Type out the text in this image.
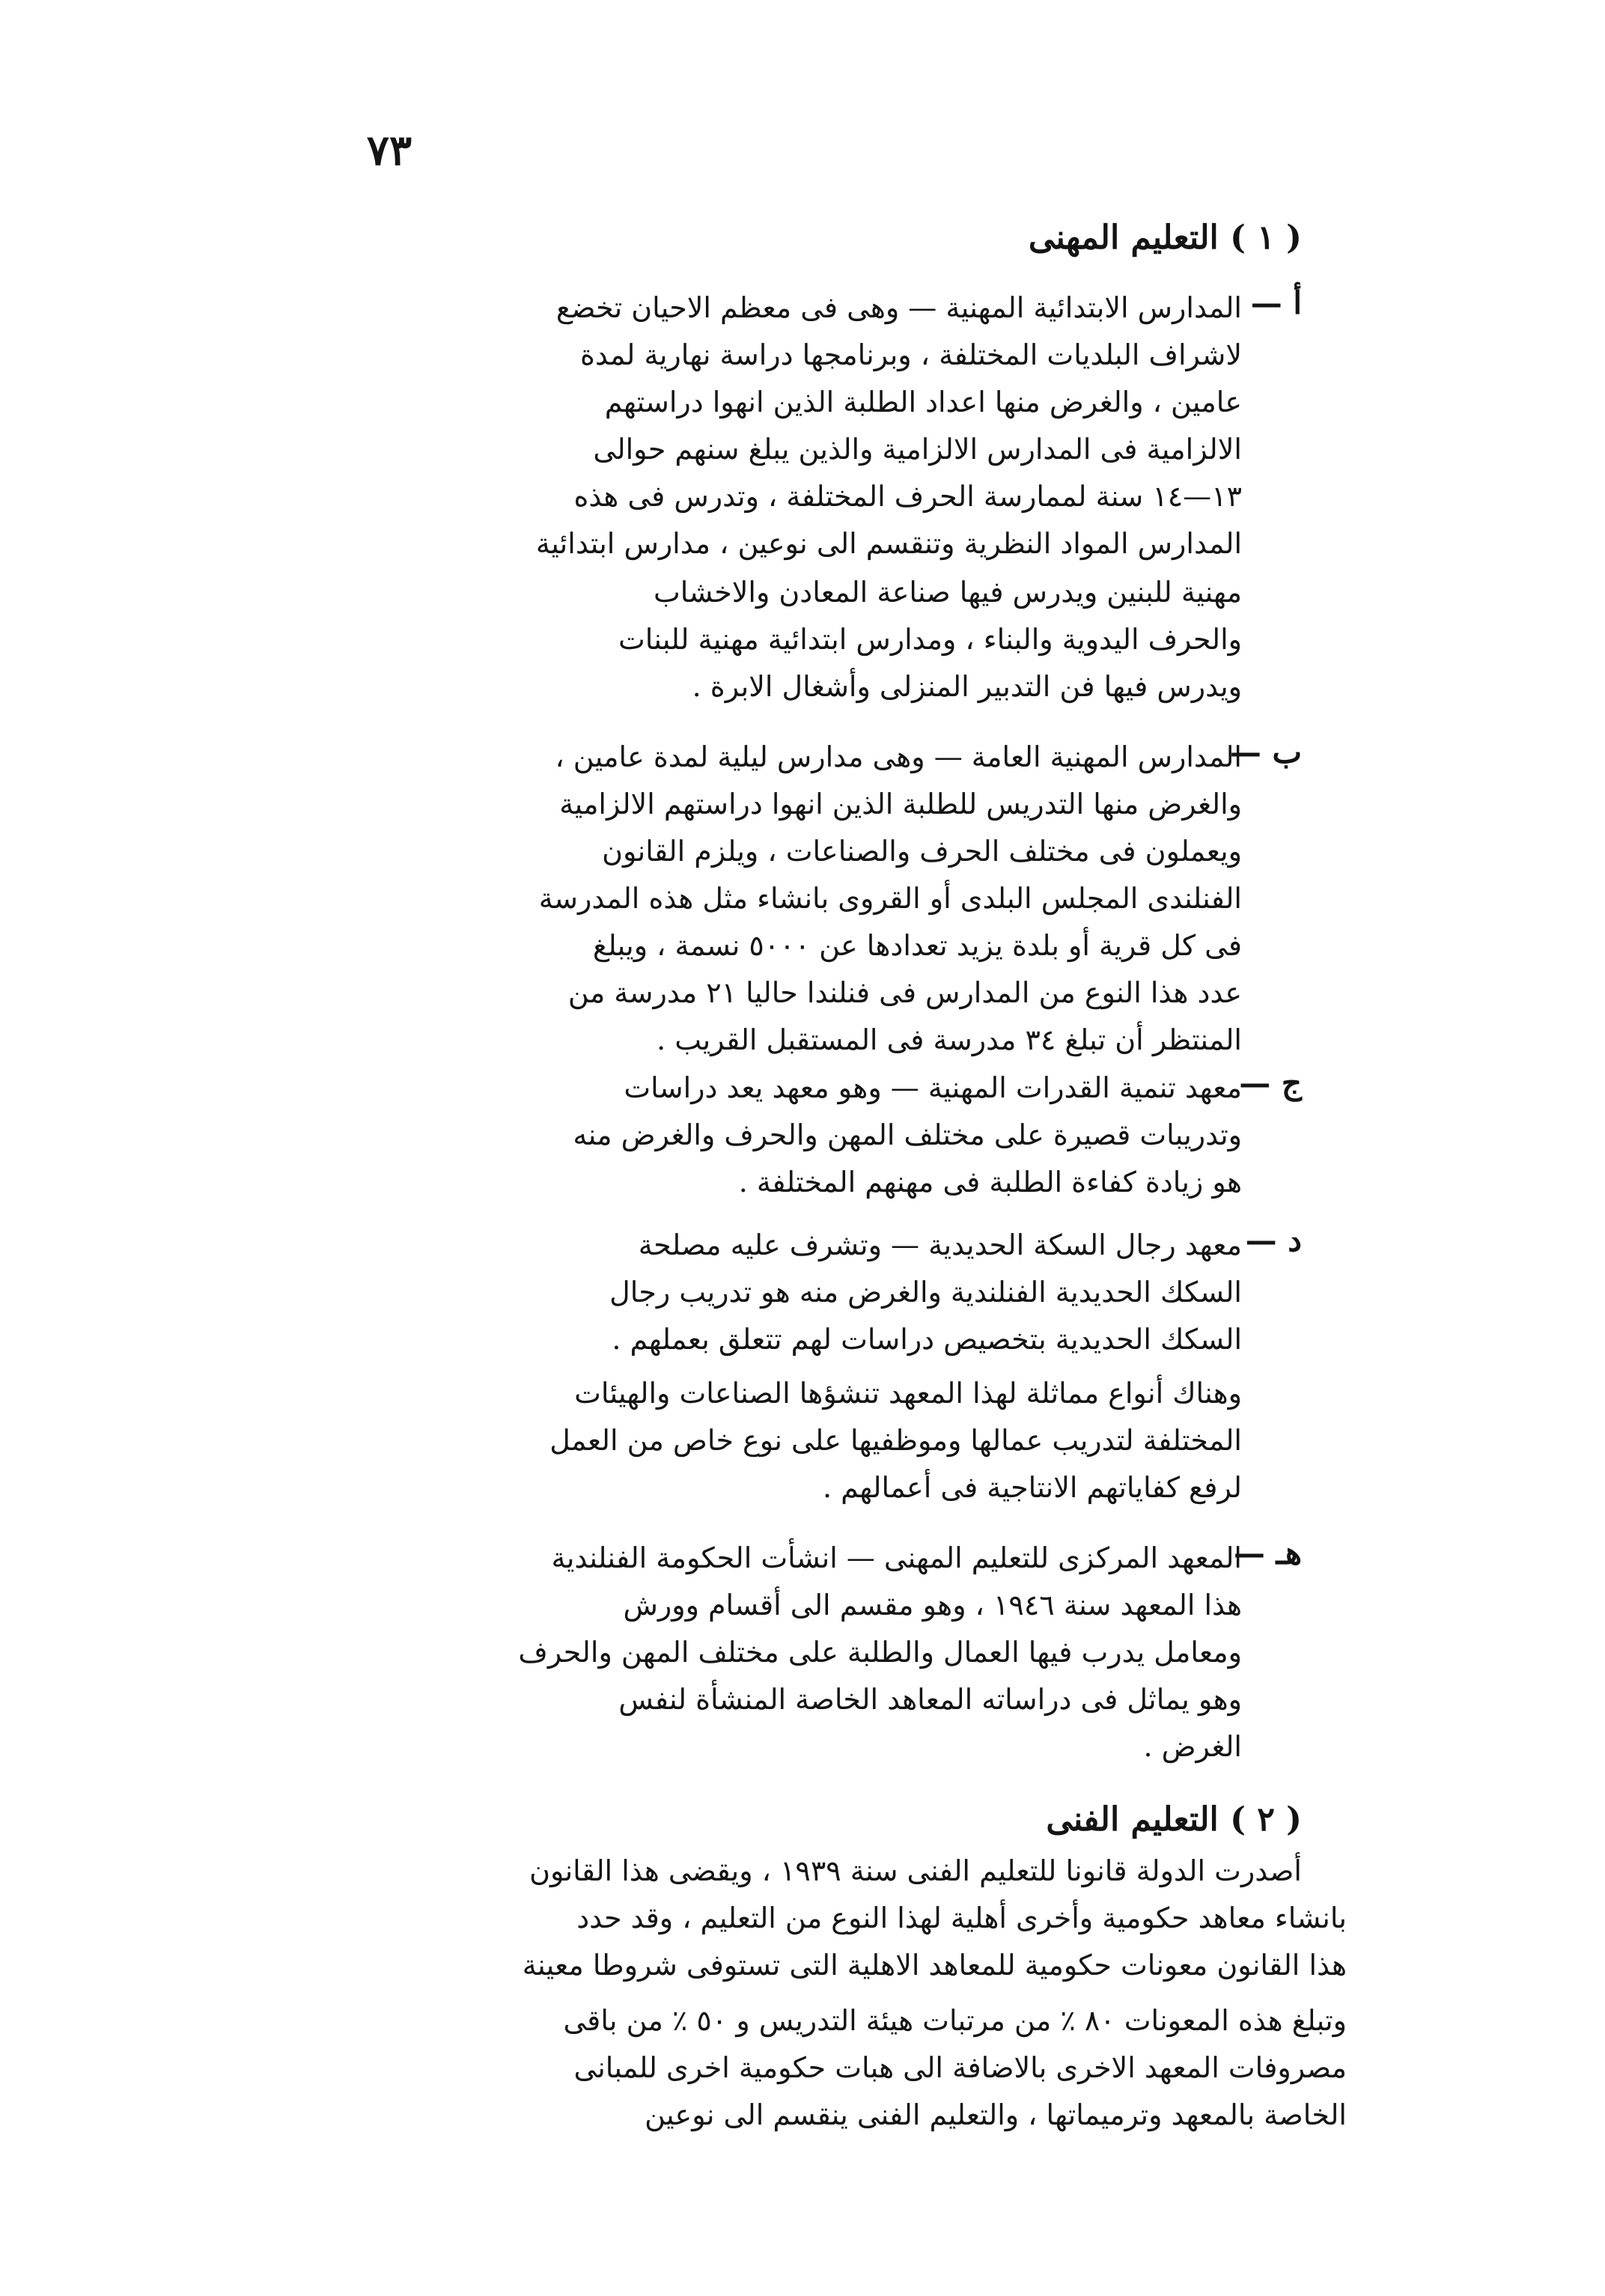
٧٣
( ١ ) التعليم المهنى
أ —
المدارس الابتدائية المهنية — وهى فى معظم الاحيان تخضع
لاشراف البلديات المختلفة ، وبرنامجها دراسة نهارية لمدة
عامين ، والغرض منها اعداد الطلبة الذين انهوا دراستهم
الالزامية فى المدارس الالزامية والذين يبلغ سنهم حوالى
١٣—١٤ سنة لممارسة الحرف المختلفة ، وتدرس فى هذه
المدارس المواد النظرية وتنقسم الى نوعين ، مدارس ابتدائية
مهنية للبنين ويدرس فيها صناعة المعادن والاخشاب
والحرف اليدوية والبناء ، ومدارس ابتدائية مهنية للبنات
ويدرس فيها فن التدبير المنزلى وأشغال الابرة .
ب —
المدارس المهنية العامة — وهى مدارس ليلية لمدة عامين ،
والغرض منها التدريس للطلبة الذين انهوا دراستهم الالزامية
ويعملون فى مختلف الحرف والصناعات ، ويلزم القانون
الفنلندى المجلس البلدى أو القروى بانشاء مثل هذه المدرسة
فى كل قرية أو بلدة يزيد تعدادها عن ٥٠٠٠ نسمة ، ويبلغ
عدد هذا النوع من المدارس فى فنلندا حاليا ٢١ مدرسة من
المنتظر أن تبلغ ٣٤ مدرسة فى المستقبل القريب .
ج —
معهد تنمية القدرات المهنية — وهو معهد يعد دراسات
وتدريبات قصيرة على مختلف المهن والحرف والغرض منه
هو زيادة كفاءة الطلبة فى مهنهم المختلفة .
د —
معهد رجال السكة الحديدية — وتشرف عليه مصلحة
السكك الحديدية الفنلندية والغرض منه هو تدريب رجال
السكك الحديدية بتخصيص دراسات لهم تتعلق بعملهم .
وهناك أنواع مماثلة لهذا المعهد تنشؤها الصناعات والهيئات
المختلفة لتدريب عمالها وموظفيها على نوع خاص من العمل
لرفع كفاياتهم الانتاجية فى أعمالهم .
هـ —
المعهد المركزى للتعليم المهنى — انشأت الحكومة الفنلندية
هذا المعهد سنة ١٩٤٦ ، وهو مقسم الى أقسام وورش
ومعامل يدرب فيها العمال والطلبة على مختلف المهن والحرف
وهو يماثل فى دراساته المعاهد الخاصة المنشأة لنفس
الغرض .
( ٢ ) التعليم الفنى
أصدرت الدولة قانونا للتعليم الفنى سنة ١٩٣٩ ، ويقضى هذا القانون
بانشاء معاهد حكومية وأخرى أهلية لهذا النوع من التعليم ، وقد حدد
هذا القانون معونات حكومية للمعاهد الاهلية التى تستوفى شروطا معينة
وتبلغ هذه المعونات ٨٠ ٪ من مرتبات هيئة التدريس و ٥٠ ٪ من باقى
مصروفات المعهد الاخرى بالاضافة الى هبات حكومية اخرى للمبانى
الخاصة بالمعهد وترميماتها ، والتعليم الفنى ينقسم الى نوعين
